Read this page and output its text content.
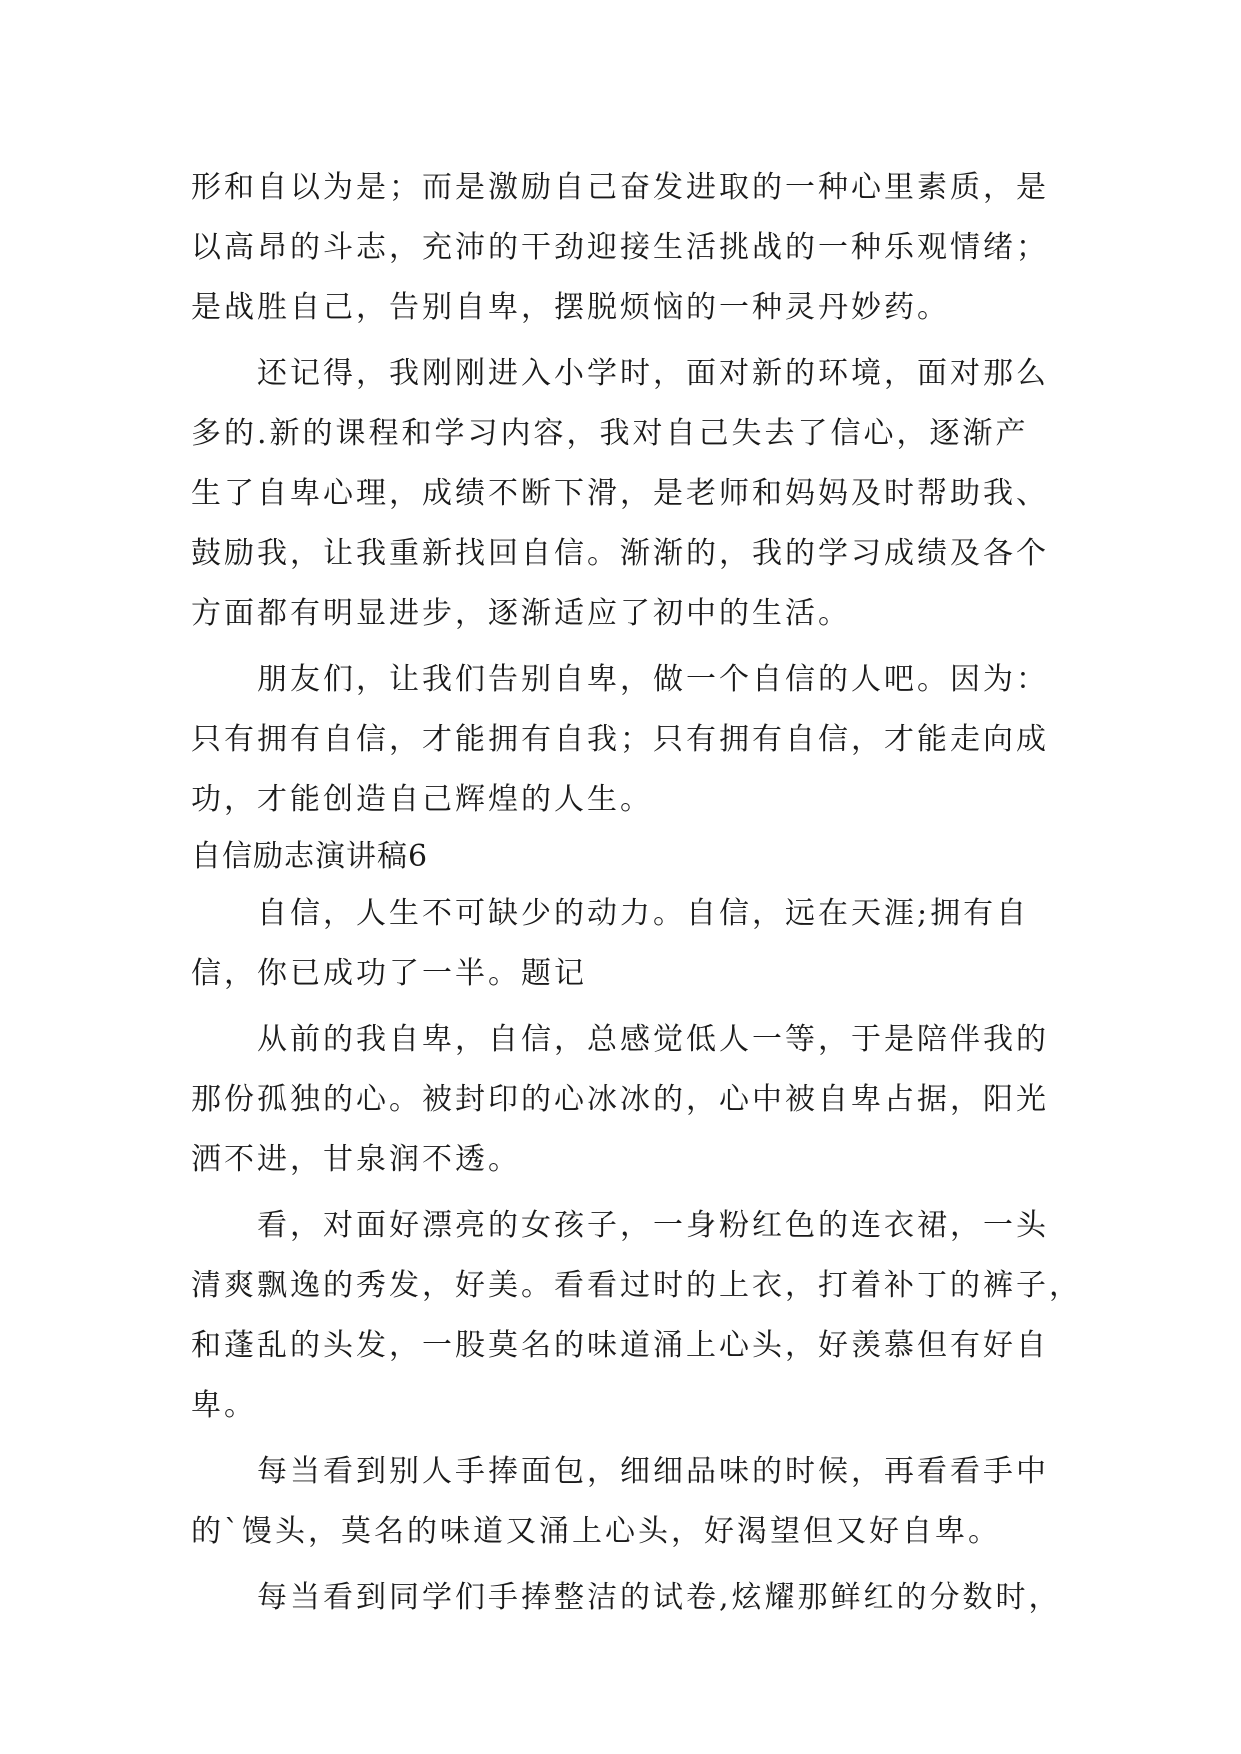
形和自以为是；而是激励自己奋发进取的一种心里素质，是
以高昂的斗志，充沛的干劲迎接生活挑战的一种乐观情绪；
是战胜自己，告别自卑，摆脱烦恼的一种灵丹妙药。
还记得，我刚刚进入小学时，面对新的环境，面对那么
多的.新的课程和学习内容，我对自己失去了信心，逐渐产
生了自卑心理，成绩不断下滑，是老师和妈妈及时帮助我、
鼓励我，让我重新找回自信。渐渐的，我的学习成绩及各个
方面都有明显进步，逐渐适应了初中的生活。
朋友们，让我们告别自卑，做一个自信的人吧。因为：
只有拥有自信，才能拥有自我；只有拥有自信，才能走向成
功，才能创造自己辉煌的人生。
自信励志演讲稿6
自信，人生不可缺少的动力。自信，远在天涯;拥有自
信，你已成功了一半。题记
从前的我自卑，自信，总感觉低人一等，于是陪伴我的
那份孤独的心。被封印的心冰冰的，心中被自卑占据，阳光
洒不进，甘泉润不透。
看，对面好漂亮的女孩子，一身粉红色的连衣裙，一头
清爽飘逸的秀发，好美。看看过时的上衣，打着补丁的裤子，
和蓬乱的头发，一股莫名的味道涌上心头，好羡慕但有好自
卑。
每当看到别人手捧面包，细细品味的时候，再看看手中
的`馒头，莫名的味道又涌上心头，好渴望但又好自卑。
每当看到同学们手捧整洁的试卷,炫耀那鲜红的分数时，
